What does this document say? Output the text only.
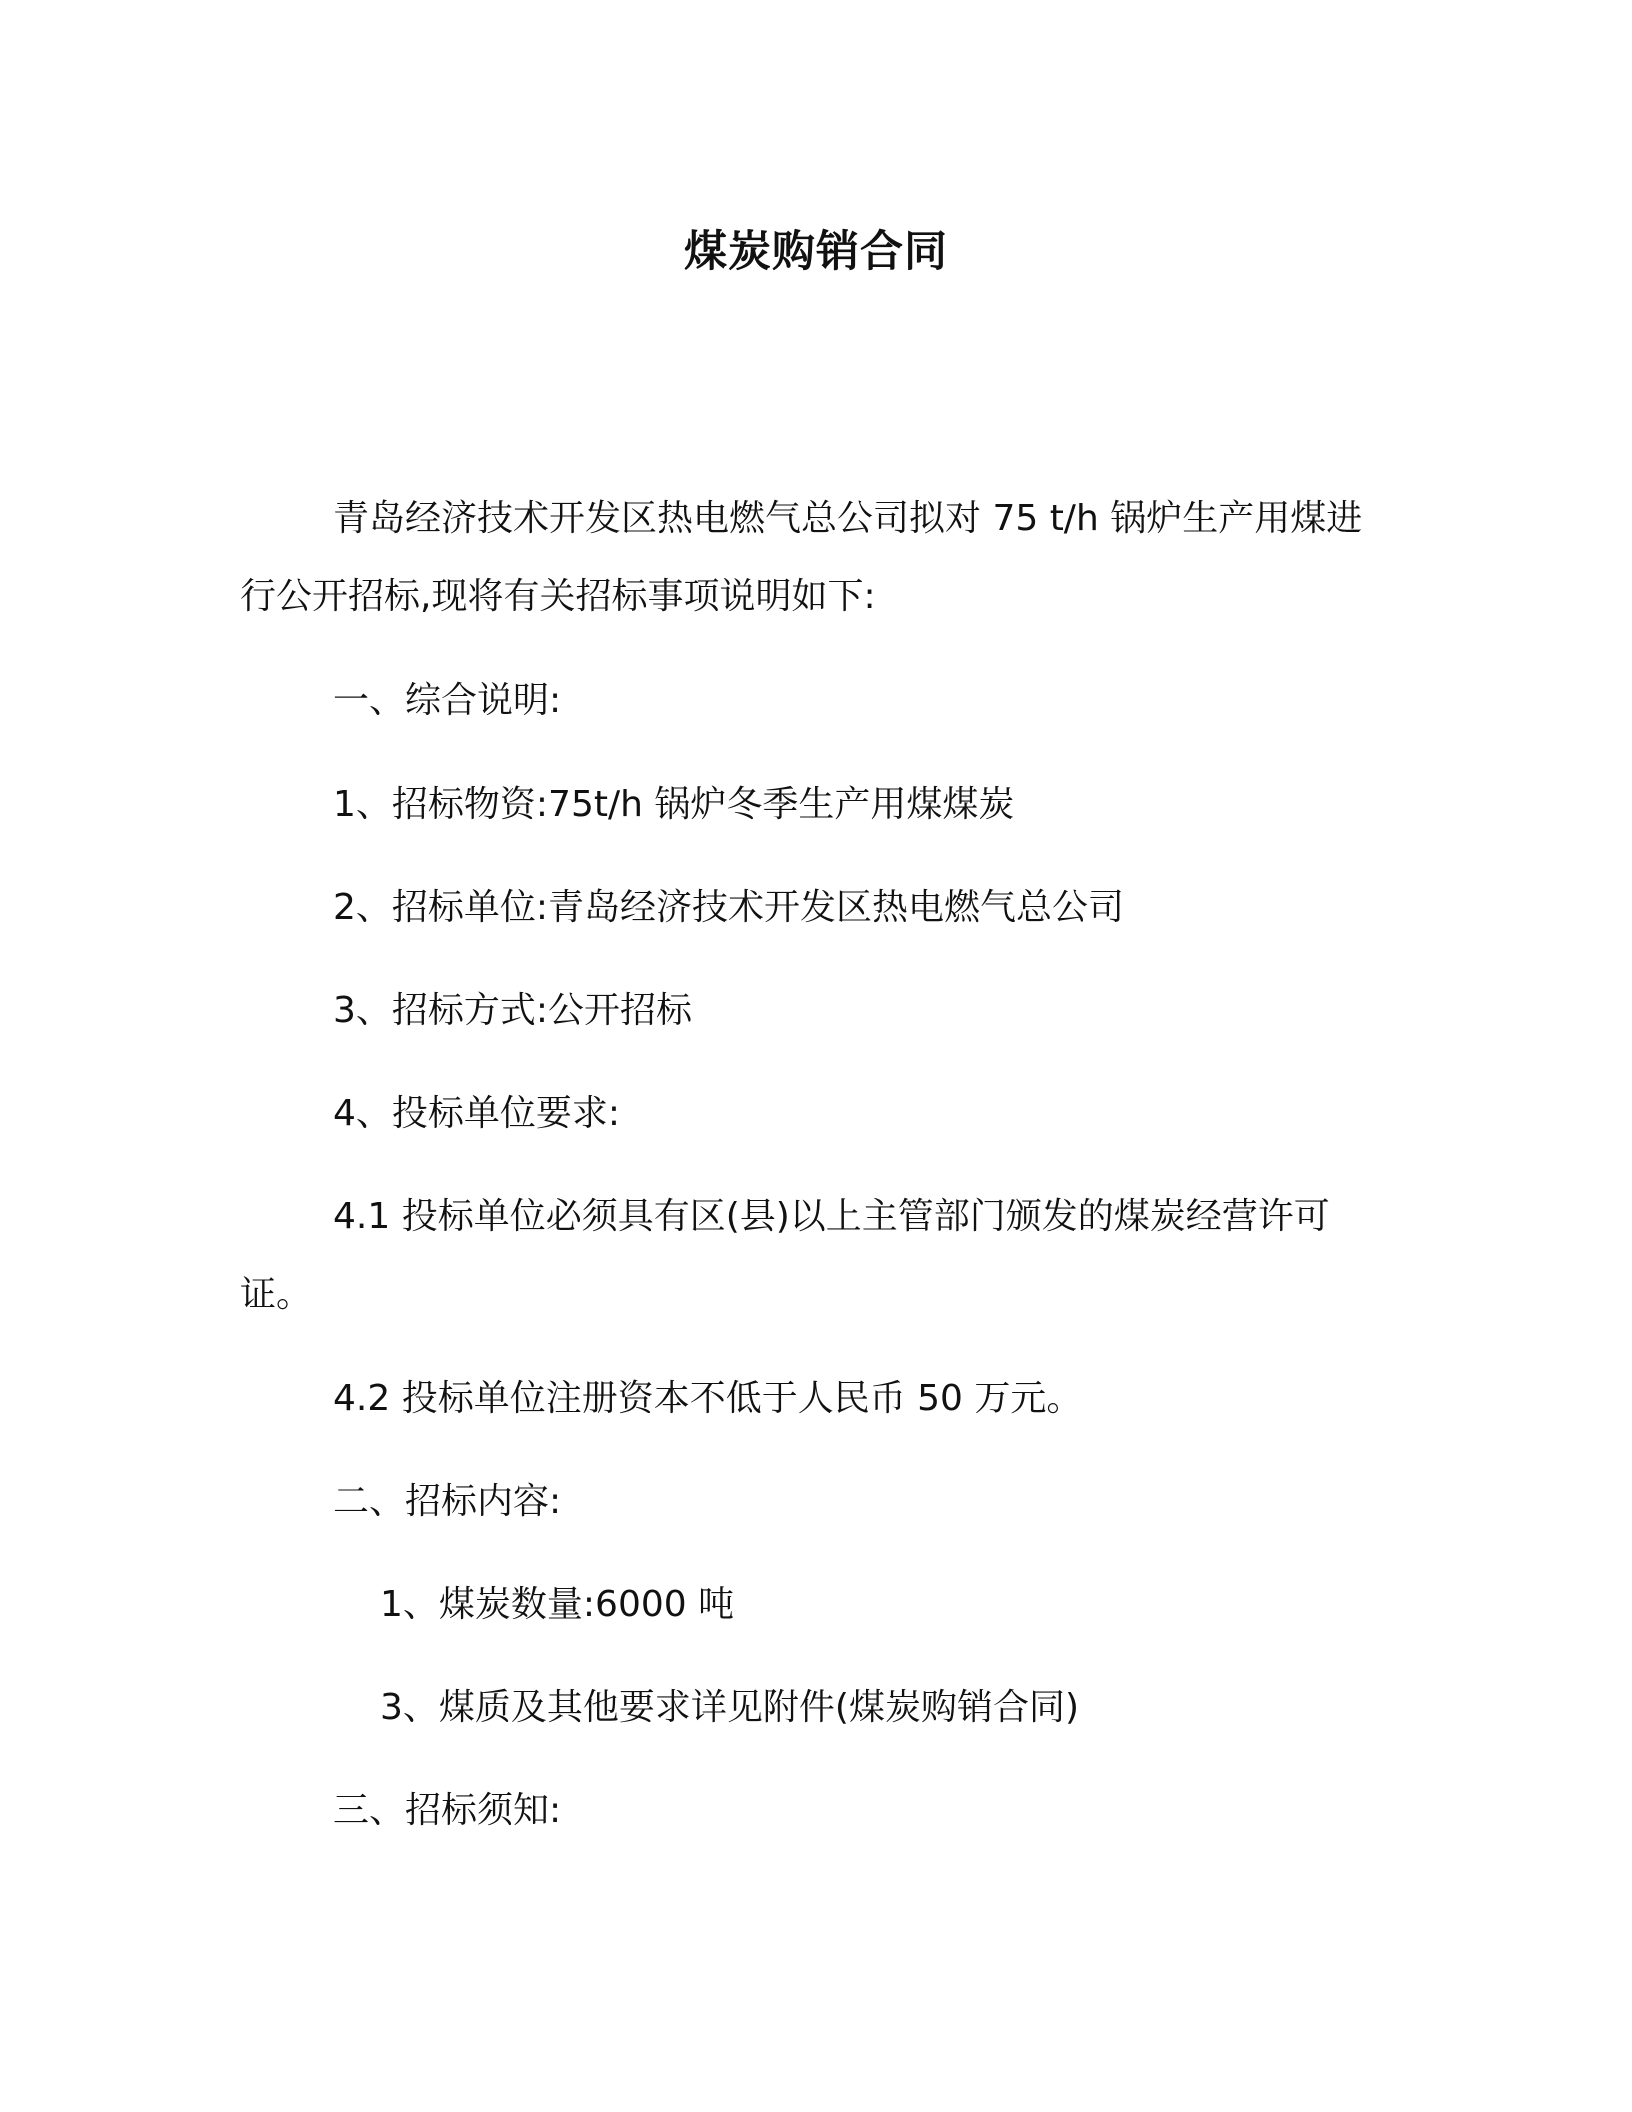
煤炭购销合同
青岛经济技术开发区热电燃气总公司拟对 75 t/h 锅炉生产用煤进
行公开招标,现将有关招标事项说明如下:
一、综合说明:
1、招标物资:75t/h 锅炉冬季生产用煤煤炭
2、招标单位:青岛经济技术开发区热电燃气总公司
3、招标方式:公开招标
4、投标单位要求:
4.1 投标单位必须具有区(县)以上主管部门颁发的煤炭经营许可
证。
4.2 投标单位注册资本不低于人民币 50 万元。
二、招标内容:
1、煤炭数量:6000 吨
3、煤质及其他要求详见附件(煤炭购销合同)
三、招标须知:
